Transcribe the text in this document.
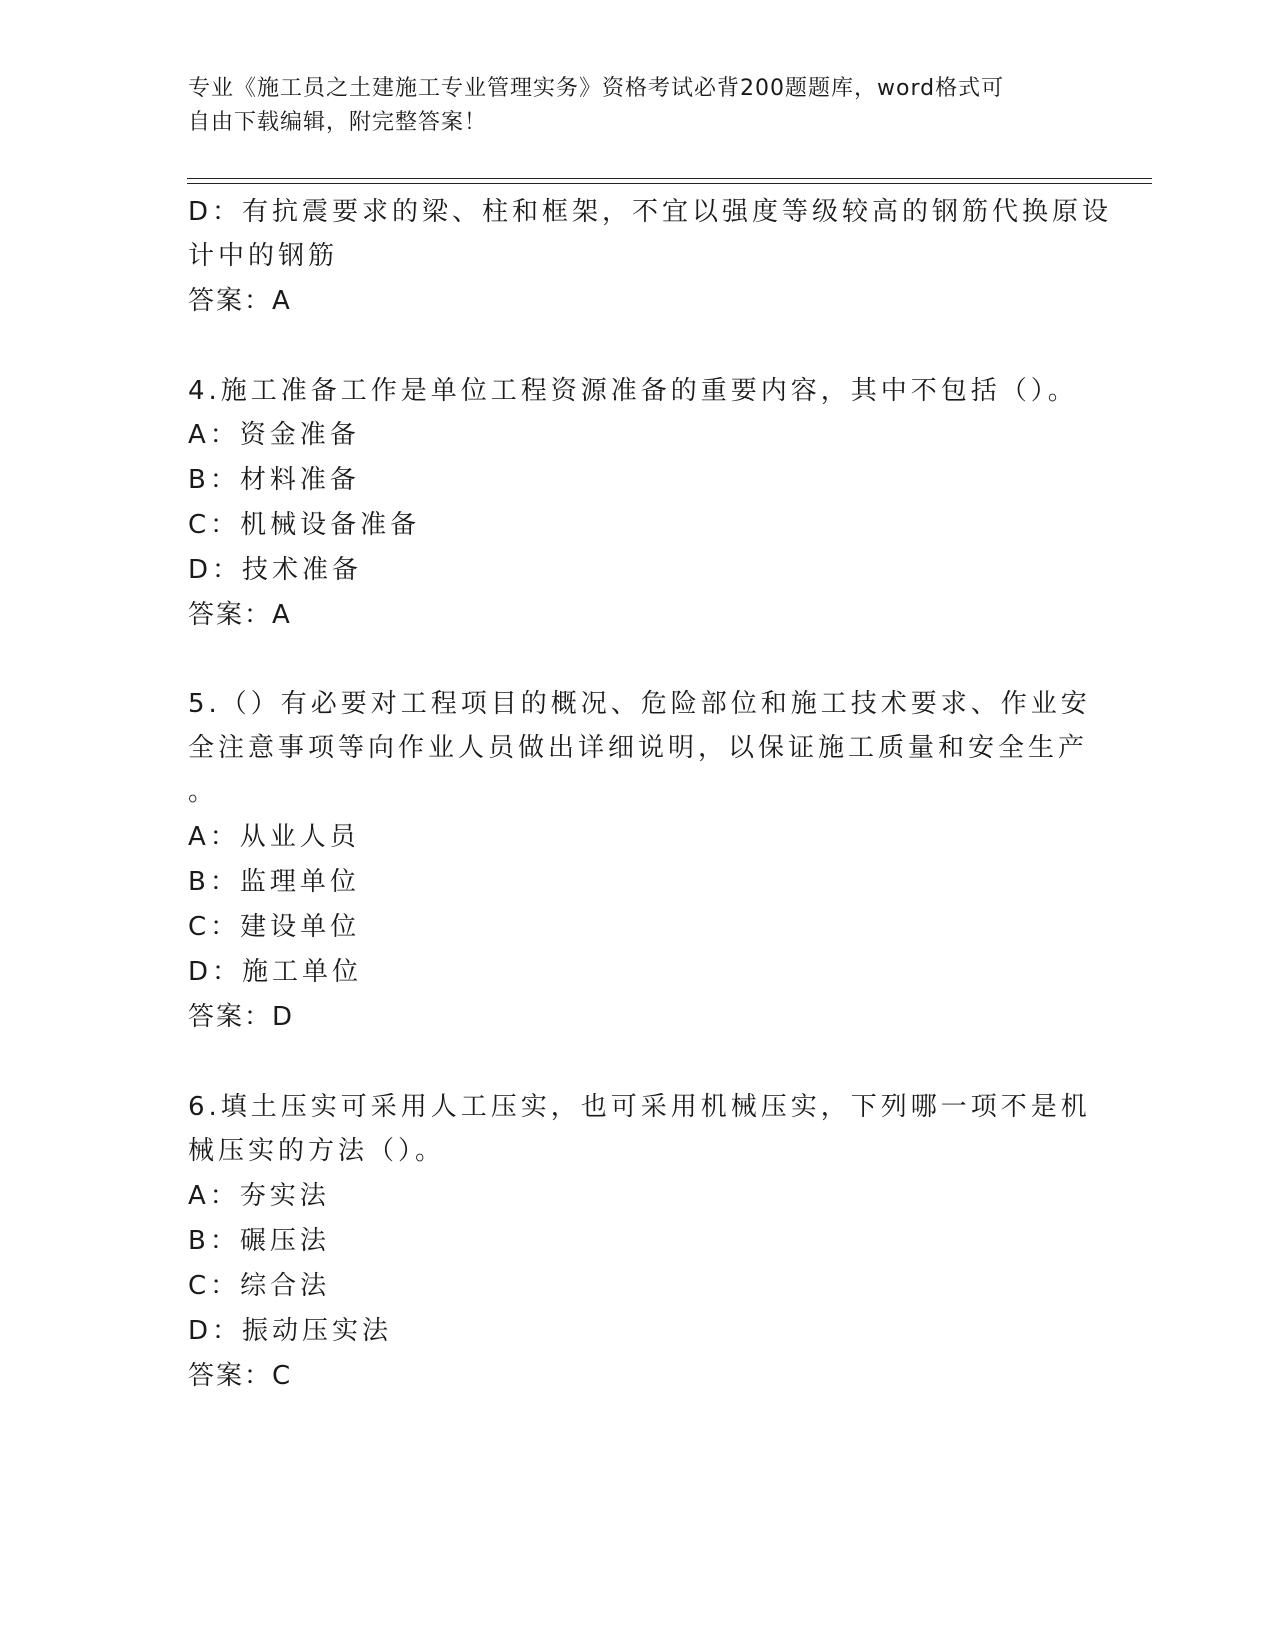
专业《施工员之土建施工专业管理实务》资格考试必背200题题库，word格式可
自由下载编辑，附完整答案！
D：有抗震要求的梁、柱和框架，不宜以强度等级较高的钢筋代换原设
计中的钢筋
答案：A
4.施工准备工作是单位工程资源准备的重要内容，其中不包括（）。
A：资金准备
B：材料准备
C：机械设备准备
D：技术准备
答案：A
5.（）有必要对工程项目的概况、危险部位和施工技术要求、作业安
全注意事项等向作业人员做出详细说明，以保证施工质量和安全生产
。
A：从业人员
B：监理单位
C：建设单位
D：施工单位
答案：D
6.填土压实可采用人工压实，也可采用机械压实，下列哪一项不是机
械压实的方法（）。
A：夯实法
B：碾压法
C：综合法
D：振动压实法
答案：C
